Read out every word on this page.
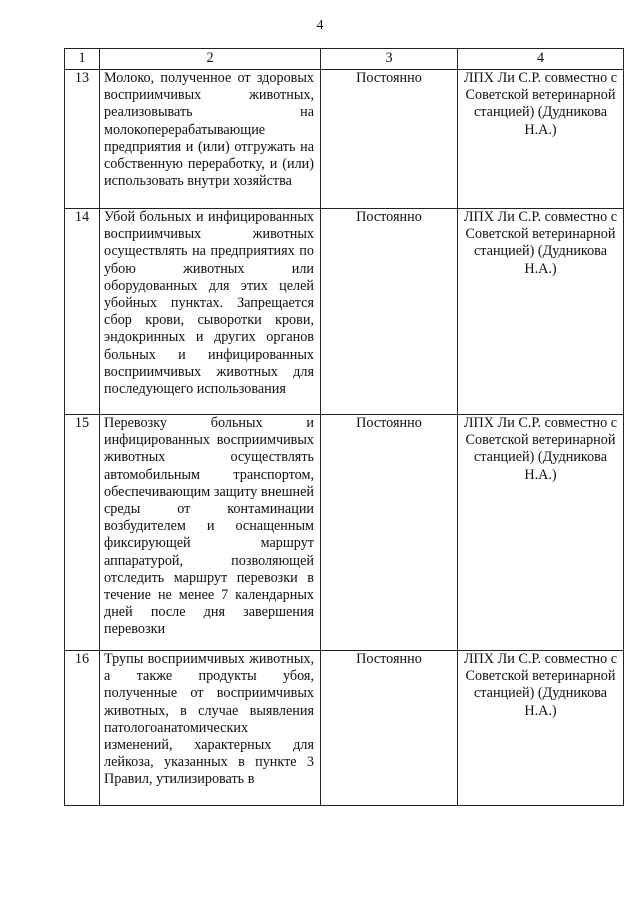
4
1	2	3	4
13	Молоко, полученное от здоровых восприимчивых животных, реализовывать на молокоперерабатывающие предприятия и (или) отгружать на собственную переработку, и (или) использовать внутри хозяйства	Постоянно	ЛПХ Ли С.Р. совместно с Советской ветеринарной станцией) (Дудникова Н.А.)
14	Убой больных и инфицированных восприимчивых животных осуществлять на предприятиях по убою животных или оборудованных для этих целей убойных пунктах. Запрещается сбор крови, сыворотки крови, эндокринных и других органов больных и инфицированных восприимчивых животных для последующего использования	Постоянно	ЛПХ Ли С.Р. совместно с Советской ветеринарной станцией) (Дудникова Н.А.)
15	Перевозку больных и инфицированных восприимчивых животных осуществлять автомобильным транспортом, обеспечивающим защиту внешней среды от контаминации возбудителем и оснащенным фиксирующей маршрут аппаратурой, позволяющей отследить маршрут перевозки в течение не менее 7 календарных дней после дня завершения перевозки	Постоянно	ЛПХ Ли С.Р. совместно с Советской ветеринарной станцией) (Дудникова Н.А.)
16	Трупы восприимчивых животных, а также продукты убоя, полученные от восприимчивых животных, в случае выявления патологоанатомических изменений, характерных для лейкоза, указанных в пункте 3 Правил, утилизировать в	Постоянно	ЛПХ Ли С.Р. совместно с Советской ветеринарной станцией) (Дудникова Н.А.)
